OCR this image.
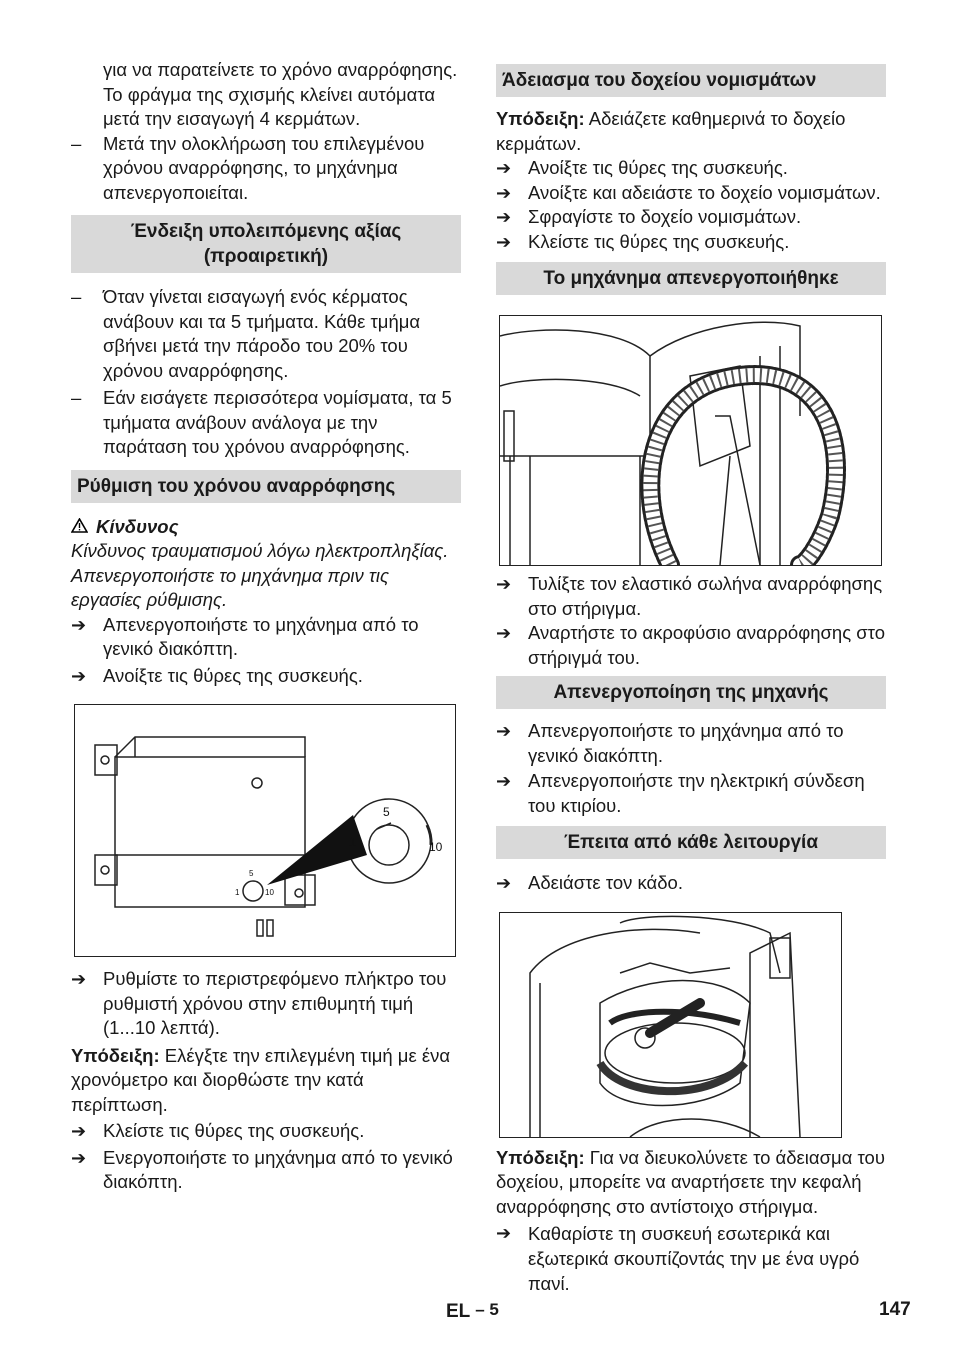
για να παρατείνετε το χρόνο αναρρόφησης. Το φράγμα της σχισμής κλείνει αυτόματα μετά την εισαγωγή 4 κερμάτων.

–	Μετά την ολοκλήρωση του επιλεγμένου χρόνου αναρρόφησης, το μηχάνημα απενεργοποιείται.
Ένδειξη υπολειπόμενης αξίας (προαιρετική)
–	Όταν γίνεται εισαγωγή ενός κέρματος ανάβουν και τα 5 τμήματα. Κάθε τμήμα σβήνει μετά την πάροδο του 20% του χρόνου αναρρόφησης.
–	Εάν εισάγετε περισσότερα νομίσματα, τα 5 τμήματα ανάβουν ανάλογα με την παράταση του χρόνου αναρρόφησης.
Ρύθμιση του χρόνου αναρρόφησης

Κίνδυνος

Κίνδυνος τραυματισμού λόγω ηλεκτροπληξίας. Απενεργοποιήστε το μηχάνημα πριν τις εργασίες ρύθμισης.

➔ Απενεργοποιήστε το μηχάνημα από το γενικό διακόπτη.
➔ Ανοίξτε τις θύρες της συσκευής.
1
5
10
5
1	10
➔ Ρυθμίστε το περιστρεφόμενο πλήκτρο του ρυθμιστή χρόνου στην επιθυμητή τιμή (1...10 λεπτά).

Υπόδειξη: Ελέγξτε την επιλεγμένη τιμή με ένα χρονόμετρο και διορθώστε την κατά περίπτωση.

➔ Κλείστε τις θύρες της συσκευής.
➔ Ενεργοποιήστε το μηχάνημα από το γενικό διακόπτη.
Άδειασμα του δοχείου νομισμάτων

Υπόδειξη: Αδειάζετε καθημερινά το δοχείο κερμάτων.

➔ Ανοίξτε τις θύρες της συσκευής.
➔ Ανοίξτε και αδειάστε το δοχείο νομισμάτων.
➔ Σφραγίστε το δοχείο νομισμάτων.
➔ Κλείστε τις θύρες της συσκευής.
Το μηχάνημα απενεργοποιήθηκε
➔ Τυλίξτε τον ελαστικό σωλήνα αναρρόφησης στο στήριγμα.
➔ Αναρτήστε το ακροφύσιο αναρρόφησης στο στήριγμά του.
Απενεργοποίηση της μηχανής
➔ Απενεργοποιήστε το μηχάνημα από το γενικό διακόπτη.
➔ Απενεργοποιήστε την ηλεκτρική σύνδεση του κτιρίου.
Έπειτα από κάθε λειτουργία
➔ Αδειάστε τον κάδο.

Υπόδειξη: Για να διευκολύνετε το άδειασμα του δοχείου, μπορείτε να αναρτήσετε την κεφαλή αναρρόφησης στο αντίστοιχο στήριγμα.

➔ Καθαρίστε τη συσκευή εσωτερικά και εξωτερικά σκουπίζοντάς την με ένα υγρό πανί.
EL – 5	147
